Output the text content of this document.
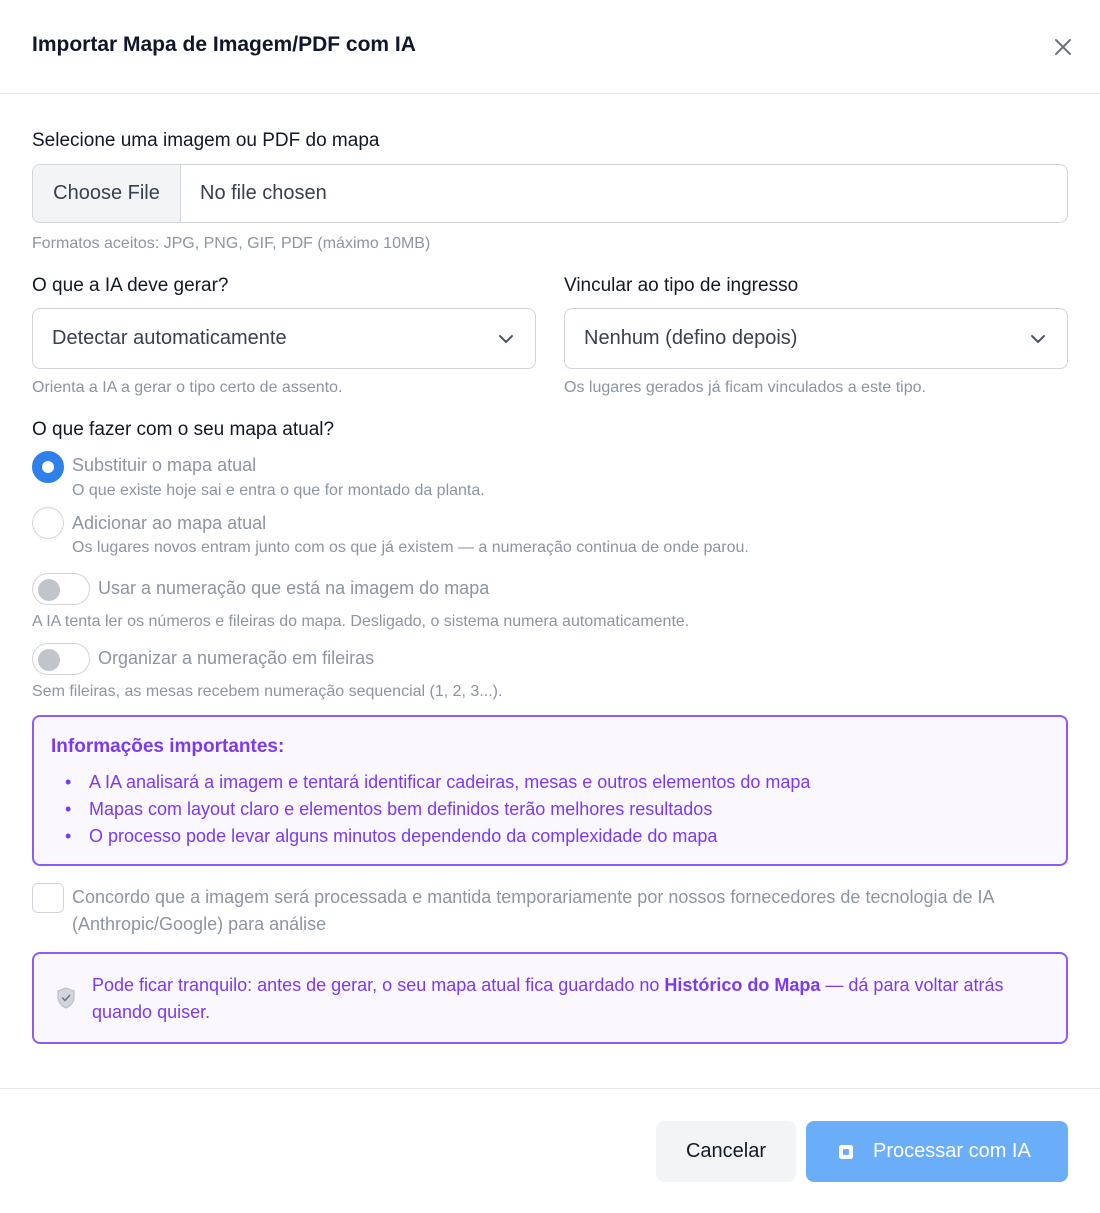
Importar Mapa de Imagem/PDF com IA
Selecione uma imagem ou PDF do mapa
Choose File	No file chosen
Formatos aceitos: JPG, PNG, GIF, PDF (máximo 10MB)
O que a IA deve gerar?
Detectar automaticamente
Orienta a IA a gerar o tipo certo de assento.
Vincular ao tipo de ingresso
Nenhum (defino depois)
Os lugares gerados já ficam vinculados a este tipo.
O que fazer com o seu mapa atual?
Substituir o mapa atual
O que existe hoje sai e entra o que for montado da planta.
Adicionar ao mapa atual
Os lugares novos entram junto com os que já existem — a numeração continua de onde parou.
Usar a numeração que está na imagem do mapa
A IA tenta ler os números e fileiras do mapa. Desligado, o sistema numera automaticamente.
Organizar a numeração em fileiras
Sem fileiras, as mesas recebem numeração sequencial (1, 2, 3...).
Informações importantes:
• A IA analisará a imagem e tentará identificar cadeiras, mesas e outros elementos do mapa
• Mapas com layout claro e elementos bem definidos terão melhores resultados
• O processo pode levar alguns minutos dependendo da complexidade do mapa
Concordo que a imagem será processada e mantida temporariamente por nossos fornecedores de tecnologia de IA (Anthropic/Google) para análise
Pode ficar tranquilo: antes de gerar, o seu mapa atual fica guardado no Histórico do Mapa — dá para voltar atrás quando quiser.
Cancelar	Processar com IA
